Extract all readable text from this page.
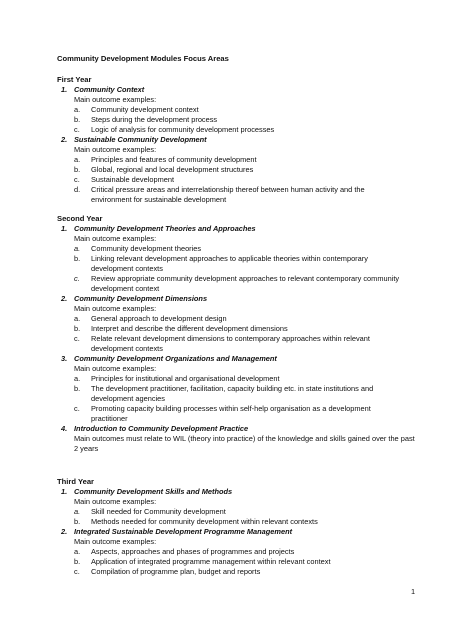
Community Development Modules Focus Areas
First Year
1. Community Context
Main outcome examples:
a. Community development context
b. Steps during the development process
c. Logic of analysis for community development processes
2. Sustainable Community Development
Main outcome examples:
a. Principles and features of community development
b. Global, regional and local development structures
c. Sustainable development
d. Critical pressure areas and interrelationship thereof between human activity and the environment for sustainable development
Second Year
1. Community Development Theories and Approaches
Main outcome examples:
a. Community development theories
b. Linking relevant development approaches to applicable theories within contemporary development contexts
c. Review appropriate community development approaches to relevant contemporary community development context
2. Community Development Dimensions
Main outcome examples:
a. General approach to development design
b. Interpret and describe the different development dimensions
c. Relate relevant development dimensions to contemporary approaches within relevant development contexts
3. Community Development Organizations and Management
Main outcome examples:
a. Principles for institutional and organisational development
b. The development practitioner, facilitation, capacity building etc. in state institutions and development agencies
c. Promoting capacity building processes within self-help organisation as a development practitioner
4. Introduction to Community Development Practice
Main outcomes must relate to WIL (theory into practice) of the knowledge and skills gained over the past 2 years
Third Year
1. Community Development Skills and Methods
Main outcome examples:
a. Skill needed for Community development
b. Methods needed for community development within relevant contexts
2. Integrated Sustainable Development Programme Management
Main outcome examples:
a. Aspects, approaches and phases of programmes and projects
b. Application of integrated programme management within relevant context
c. Compilation of programme plan, budget and reports
1
